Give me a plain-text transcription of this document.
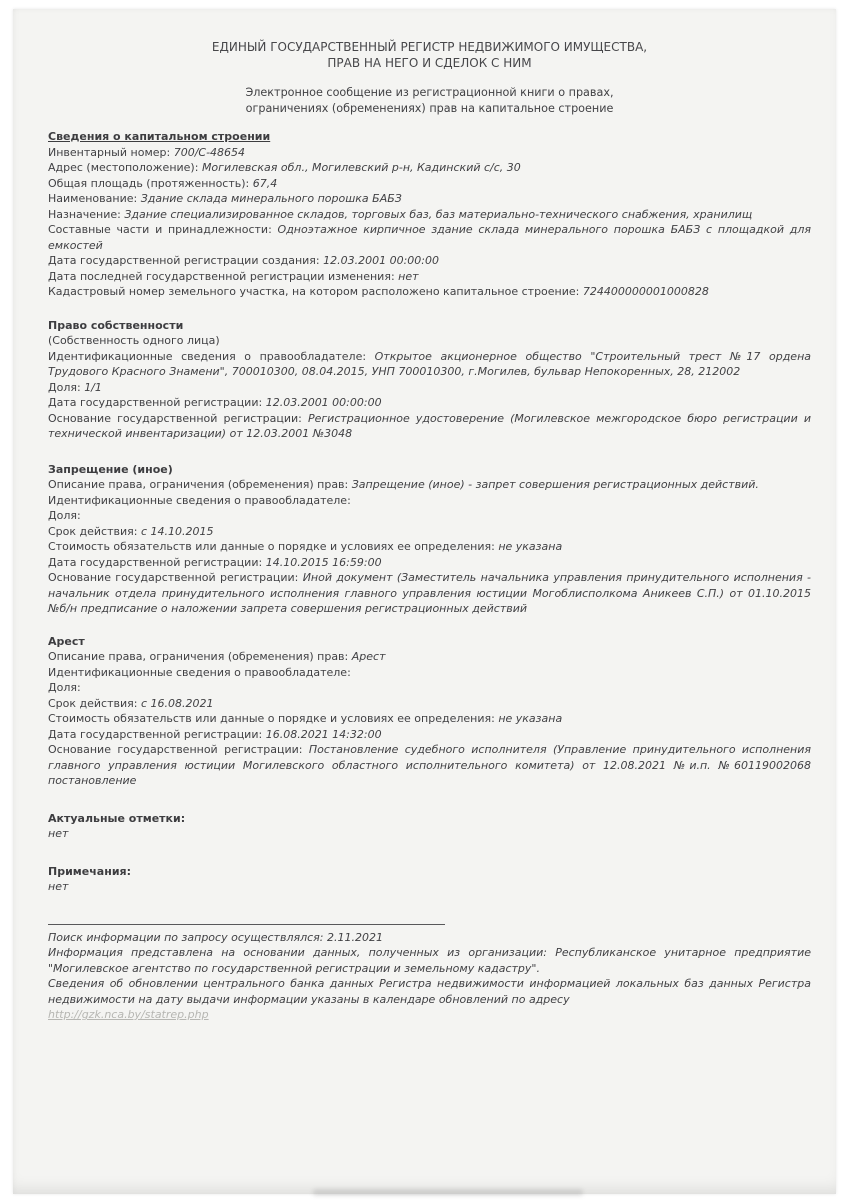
ЕДИНЫЙ ГОСУДАРСТВЕННЫЙ РЕГИСТР НЕДВИЖИМОГО ИМУЩЕСТВА,
ПРАВ НА НЕГО И СДЕЛОК С НИМ
Электронное сообщение из регистрационной книги о правах,
ограничениях (обременениях) прав на капитальное строение
Сведения о капитальном строении
Инвентарный номер: 700/С-48654
Адрес (местоположение): Могилевская обл., Могилевский р-н, Кадинский с/с, 30
Общая площадь (протяженность): 67,4
Наименование: Здание склада минерального порошка БАБЗ
Назначение: Здание специализированное складов, торговых баз, баз материально-технического снабжения, хранилищ
Составные части и принадлежности: Одноэтажное кирпичное здание склада минерального порошка БАБЗ с площадкой для емкостей
Дата государственной регистрации создания: 12.03.2001 00:00:00
Дата последней государственной регистрации изменения: нет
Кадастровый номер земельного участка, на котором расположено капитальное строение: 724400000001000828
Право собственности
(Собственность одного лица)
Идентификационные сведения о правообладателе: Открытое акционерное общество "Строительный трест №17 ордена Трудового Красного Знамени", 700010300, 08.04.2015, УНП 700010300, г.Могилев, бульвар Непокоренных, 28, 212002
Доля: 1/1
Дата государственной регистрации: 12.03.2001 00:00:00
Основание государственной регистрации: Регистрационное удостоверение (Могилевское межгородское бюро регистрации и технической инвентаризации) от 12.03.2001 №3048
Запрещение (иное)
Описание права, ограничения (обременения) прав: Запрещение (иное) - запрет совершения регистрационных действий.
Идентификационные сведения о правообладателе:
Доля:
Срок действия: с 14.10.2015
Стоимость обязательств или данные о порядке и условиях ее определения: не указана
Дата государственной регистрации: 14.10.2015 16:59:00
Основание государственной регистрации: Иной документ (Заместитель начальника управления принудительного исполнения - начальник отдела принудительного исполнения главного управления юстиции Могоблисполкома Аникеев С.П.) от 01.10.2015 №б/н предписание о наложении запрета совершения регистрационных действий
Арест
Описание права, ограничения (обременения) прав: Арест
Идентификационные сведения о правообладателе:
Доля:
Срок действия: с 16.08.2021
Стоимость обязательств или данные о порядке и условиях ее определения: не указана
Дата государственной регистрации: 16.08.2021 14:32:00
Основание государственной регистрации: Постановление судебного исполнителя (Управление принудительного исполнения главного управления юстиции Могилевского областного исполнительного комитета) от 12.08.2021 №и.п. №60119002068 постановление
Актуальные отметки:
нет
Примечания:
нет
Поиск информации по запросу осуществлялся: 2.11.2021
Информация представлена на основании данных, полученных из организации: Республиканское унитарное предприятие "Могилевское агентство по государственной регистрации и земельному кадастру".
Сведения об обновлении центрального банка данных Регистра недвижимости информацией локальных баз данных Регистра недвижимости на дату выдачи информации указаны в календаре обновлений по адресу
http://gzk.nca.by/statrep.php
